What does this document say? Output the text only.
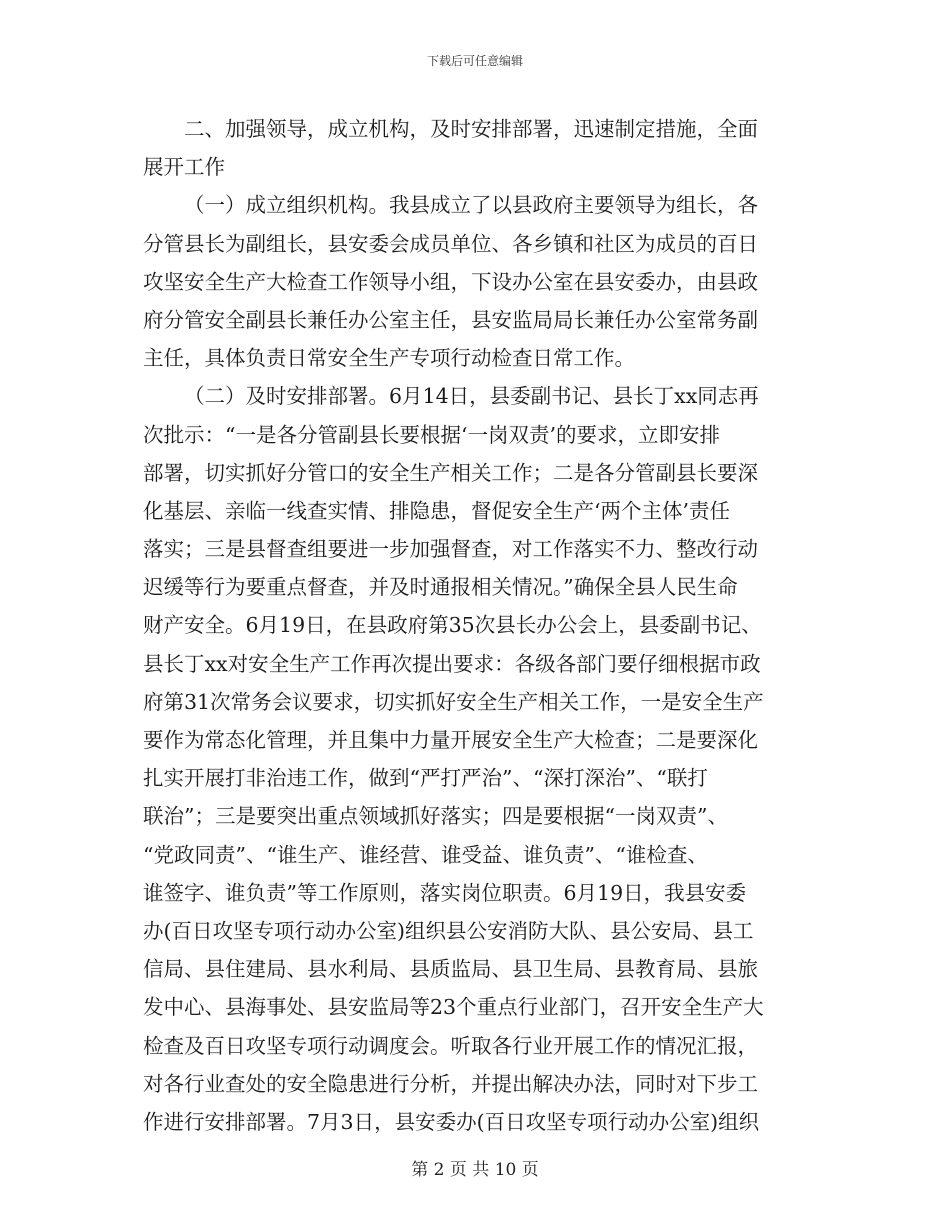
下载后可任意编辑
二、加强领导，成立机构，及时安排部署，迅速制定措施，全面
展开工作
（一）成立组织机构。我县成立了以县政府主要领导为组长，各
分管县长为副组长，县安委会成员单位、各乡镇和社区为成员的百日
攻坚安全生产大检查工作领导小组，下设办公室在县安委办，由县政
府分管安全副县长兼任办公室主任，县安监局局长兼任办公室常务副
主任，具体负责日常安全生产专项行动检查日常工作。
（二）及时安排部署。6月14日，县委副书记、县长丁xx同志再
次批示：“一是各分管副县长要根据‘一岗双责’的要求，立即安排
部署，切实抓好分管口的安全生产相关工作；二是各分管副县长要深
化基层、亲临一线查实情、排隐患，督促安全生产‘两个主体’责任
落实；三是县督查组要进一步加强督查，对工作落实不力、整改行动
迟缓等行为要重点督查，并及时通报相关情况。”确保全县人民生命
财产安全。6月19日，在县政府第35次县长办公会上，县委副书记、
县长丁xx对安全生产工作再次提出要求：各级各部门要仔细根据市政
府第31次常务会议要求，切实抓好安全生产相关工作，一是安全生产
要作为常态化管理，并且集中力量开展安全生产大检查；二是要深化
扎实开展打非治违工作，做到“严打严治”、“深打深治”、“联打
联治”；三是要突出重点领域抓好落实；四是要根据“一岗双责”、
“党政同责”、“谁生产、谁经营、谁受益、谁负责”、“谁检查、
谁签字、谁负责”等工作原则，落实岗位职责。6月19日，我县安委
办(百日攻坚专项行动办公室)组织县公安消防大队、县公安局、县工
信局、县住建局、县水利局、县质监局、县卫生局、县教育局、县旅
发中心、县海事处、县安监局等23个重点行业部门，召开安全生产大
检查及百日攻坚专项行动调度会。听取各行业开展工作的情况汇报，
对各行业查处的安全隐患进行分析，并提出解决办法，同时对下步工
作进行安排部署。7月3日，县安委办(百日攻坚专项行动办公室)组织
第 2 页 共 10 页
